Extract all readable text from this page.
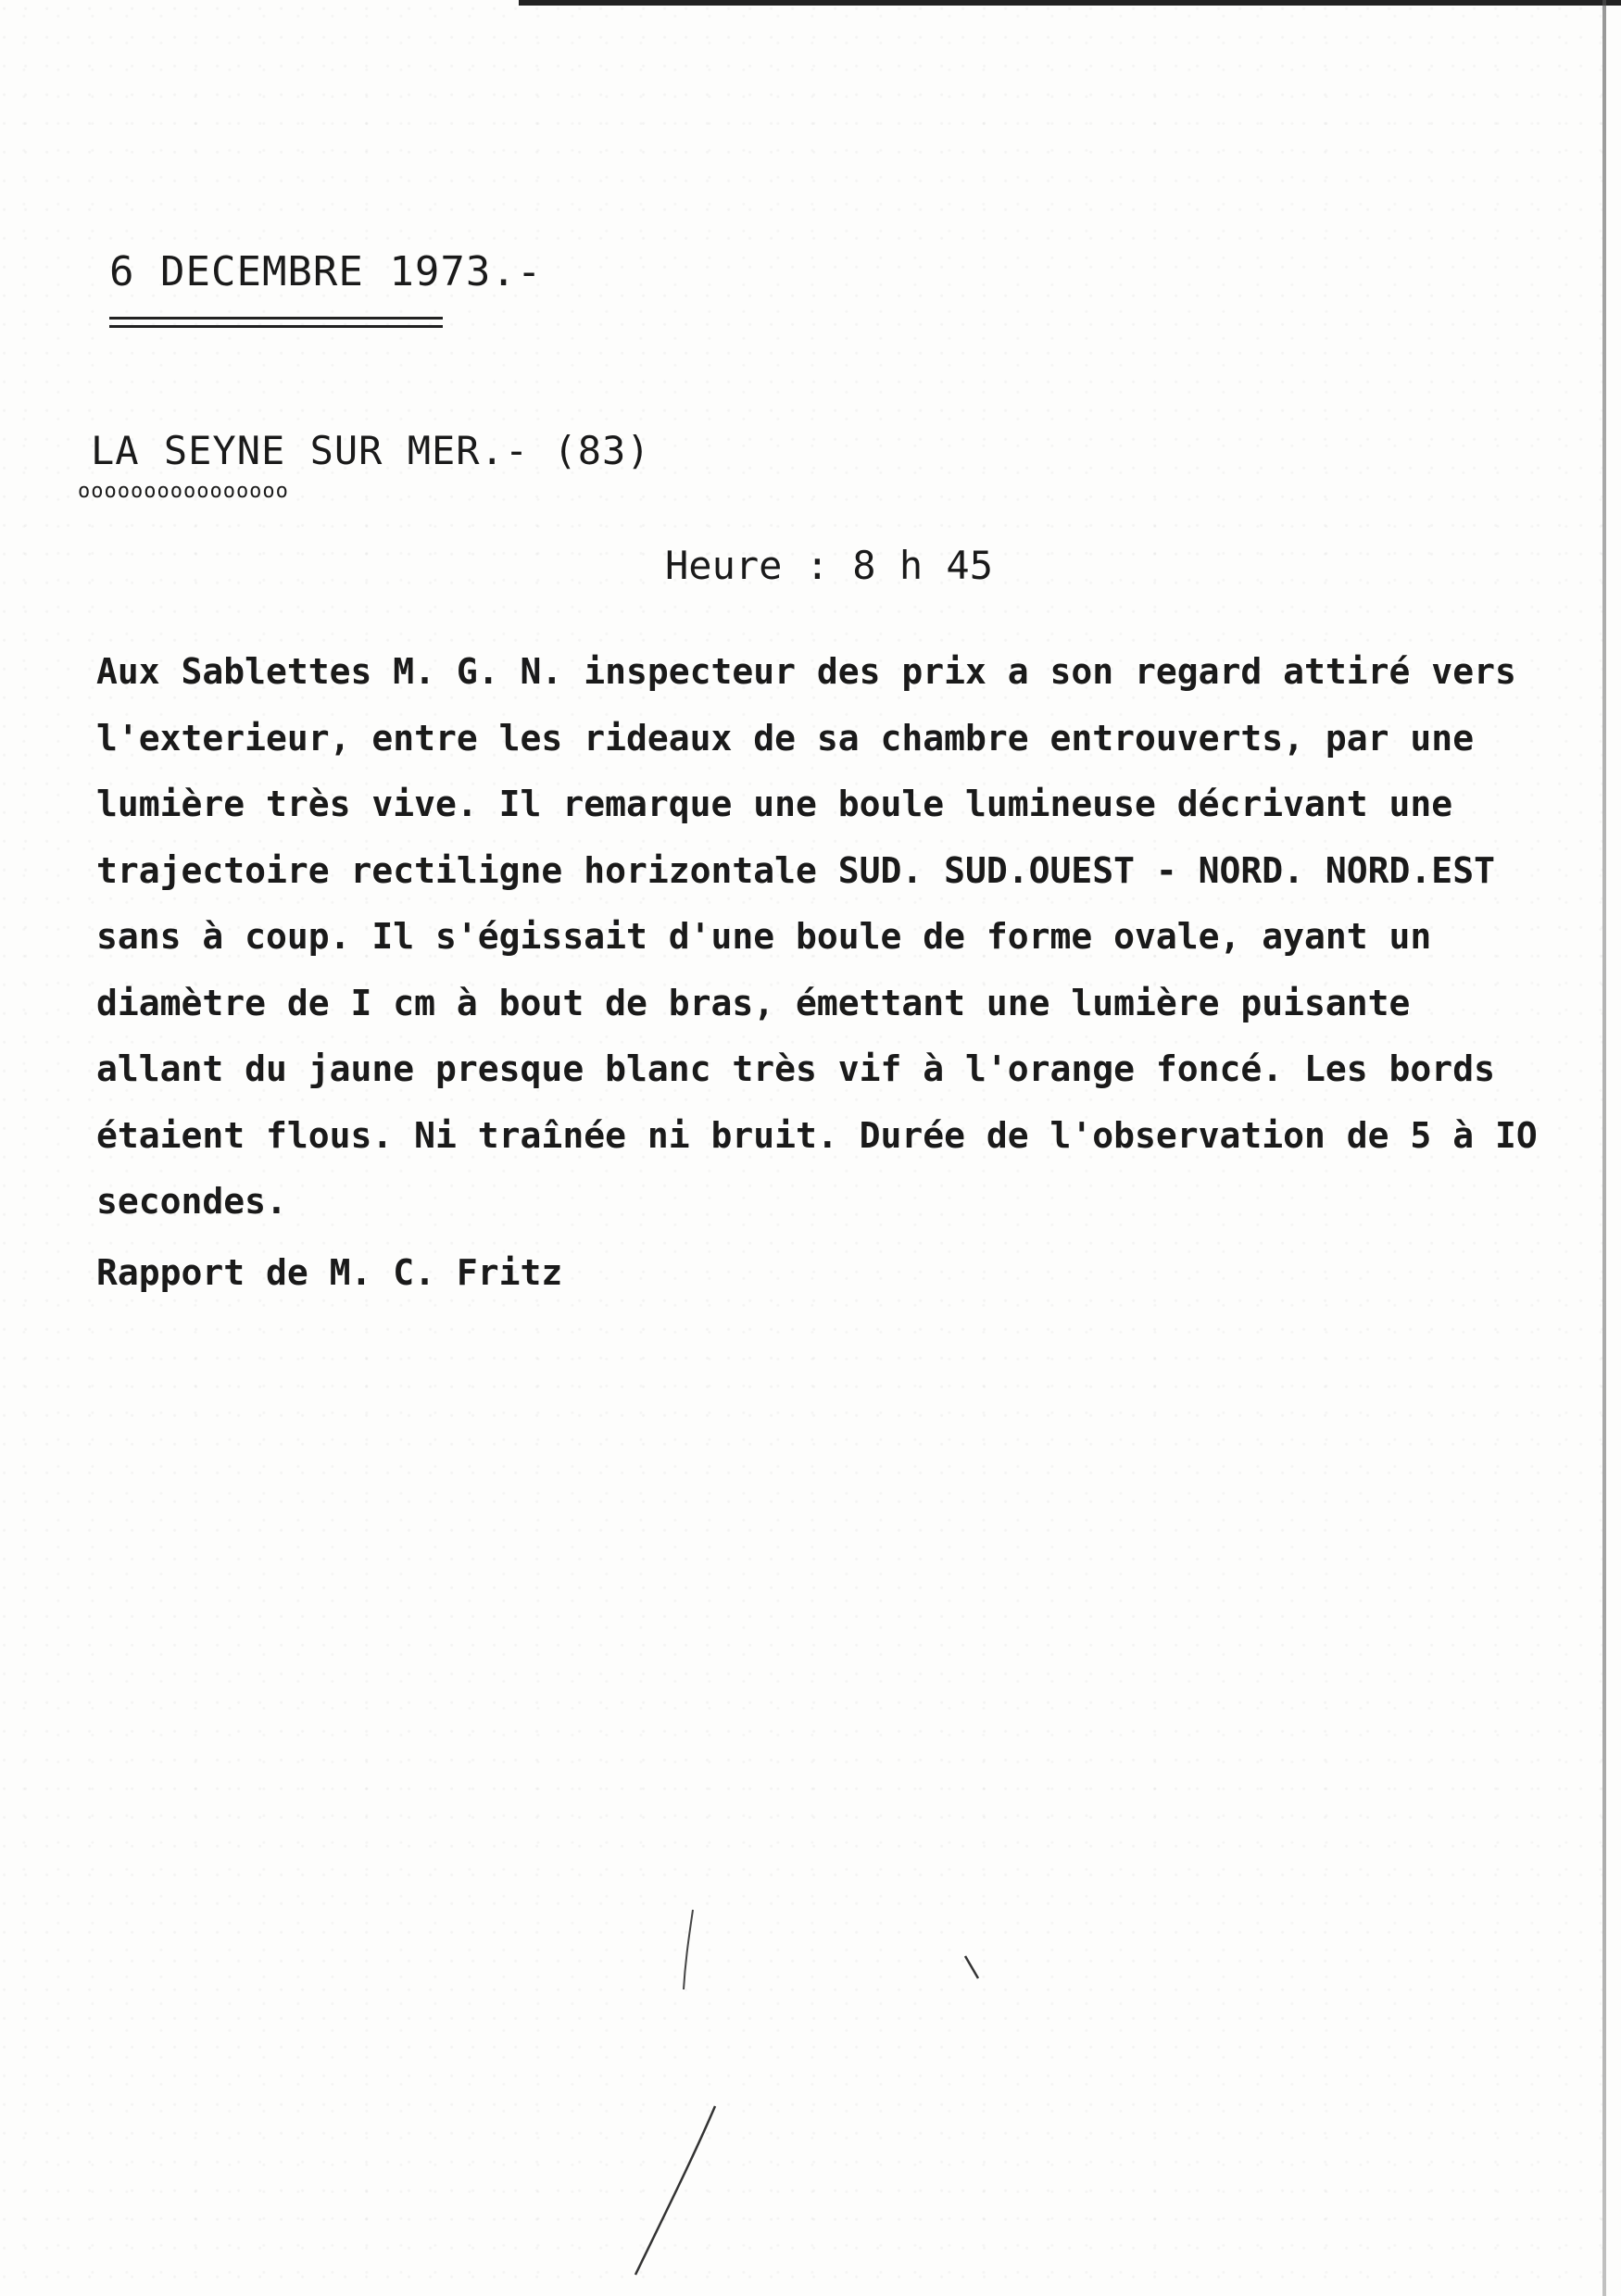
6 DECEMBRE 1973.-
LA SEYNE SUR MER.- (83)
oooooooooooooooo
Heure : 8 h 45
Aux Sablettes M. G. N. inspecteur des prix a son regard attiré vers
l'exterieur, entre les rideaux de sa chambre entrouverts, par une
lumière très vive. Il remarque une boule lumineuse décrivant une
trajectoire rectiligne horizontale SUD. SUD.OUEST - NORD. NORD.EST
sans à coup. Il s'égissait d'une boule de forme ovale, ayant un
diamètre de I cm à bout de bras, émettant une lumière puisante
allant du jaune presque blanc très vif à l'orange foncé. Les bords
étaient flous. Ni traînée ni bruit. Durée de l'observation de 5 à IO
secondes.
Rapport de M. C. Fritz
